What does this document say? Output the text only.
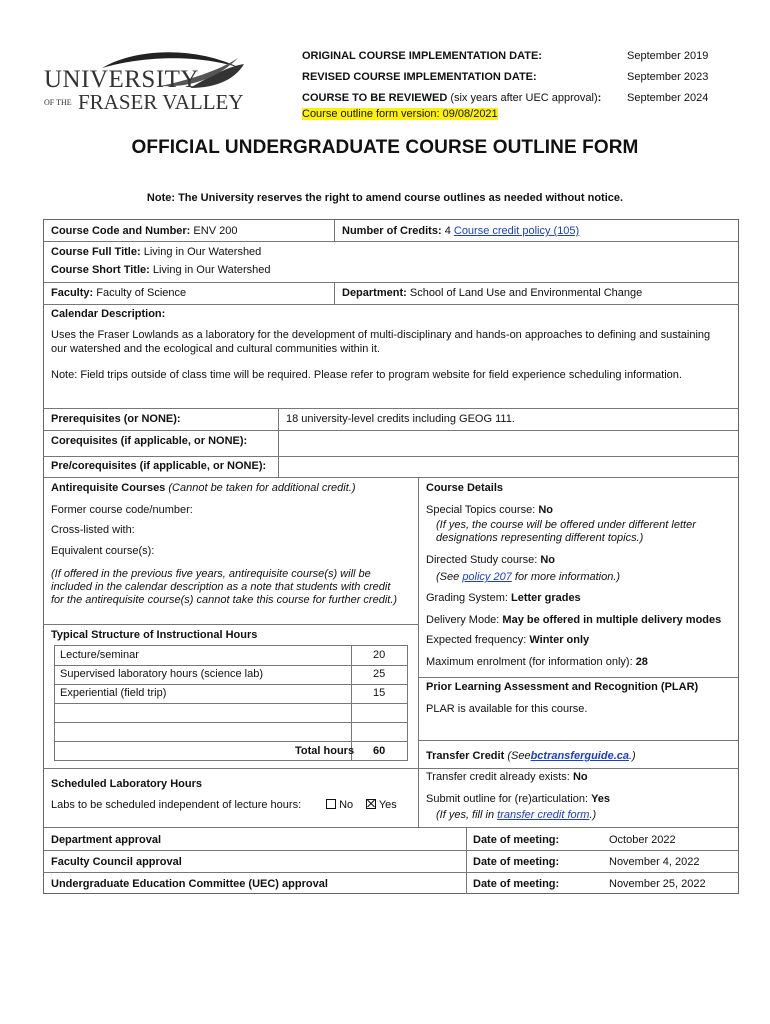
UNIVERSITY
OF THE FRASER VALLEY
ORIGINAL COURSE IMPLEMENTATION DATE:	September 2019
REVISED COURSE IMPLEMENTATION DATE:	September 2023
COURSE TO BE REVIEWED (six years after UEC approval): September 2024
Course outline form version: 09/08/2021
OFFICIAL UNDERGRADUATE COURSE OUTLINE FORM
Note: The University reserves the right to amend course outlines as needed without notice.
Course Code and Number: ENV 200	Number of Credits: 4 Course credit policy (105)
Course Full Title: Living in Our Watershed
Course Short Title: Living in Our Watershed
Faculty: Faculty of Science	Department: School of Land Use and Environmental Change
Calendar Description:
Uses the Fraser Lowlands as a laboratory for the development of multi-disciplinary and hands-on approaches to defining and sustaining
our watershed and the ecological and cultural communities within it.
Note: Field trips outside of class time will be required. Please refer to program website for field experience scheduling information.
Prerequisites (or NONE):	18 university-level credits including GEOG 111.
Corequisites (if applicable, or NONE):
Pre/corequisites (if applicable, or NONE):
Antirequisite Courses (Cannot be taken for additional credit.)
Former course code/number:
Cross-listed with:
Equivalent course(s):
(If offered in the previous five years, antirequisite course(s) will be
included in the calendar description as a note that students with credit
for the antirequisite course(s) cannot take this course for further credit.)
Typical Structure of Instructional Hours
Lecture/seminar	20
Supervised laboratory hours (science lab)	25
Experiential (field trip)	15
Total hours 60
Scheduled Laboratory Hours
Labs to be scheduled independent of lecture hours:	No	Yes
Course Details
Special Topics course: No
(If yes, the course will be offered under different letter
designations representing different topics.)
Directed Study course: No
(See policy 207 for more information.)
Grading System: Letter grades
Delivery Mode: May be offered in multiple delivery modes
Expected frequency: Winter only
Maximum enrolment (for information only): 28
Prior Learning Assessment and Recognition (PLAR)
PLAR is available for this course.
Transfer Credit (Seebctransferguide.ca.)
Transfer credit already exists: No
Submit outline for (re)articulation: Yes
(If yes, fill in transfer credit form.)
Department approval	Date of meeting:	October 2022
Faculty Council approval	Date of meeting:	November 4, 2022
Undergraduate Education Committee (UEC) approval	Date of meeting:	November 25, 2022
